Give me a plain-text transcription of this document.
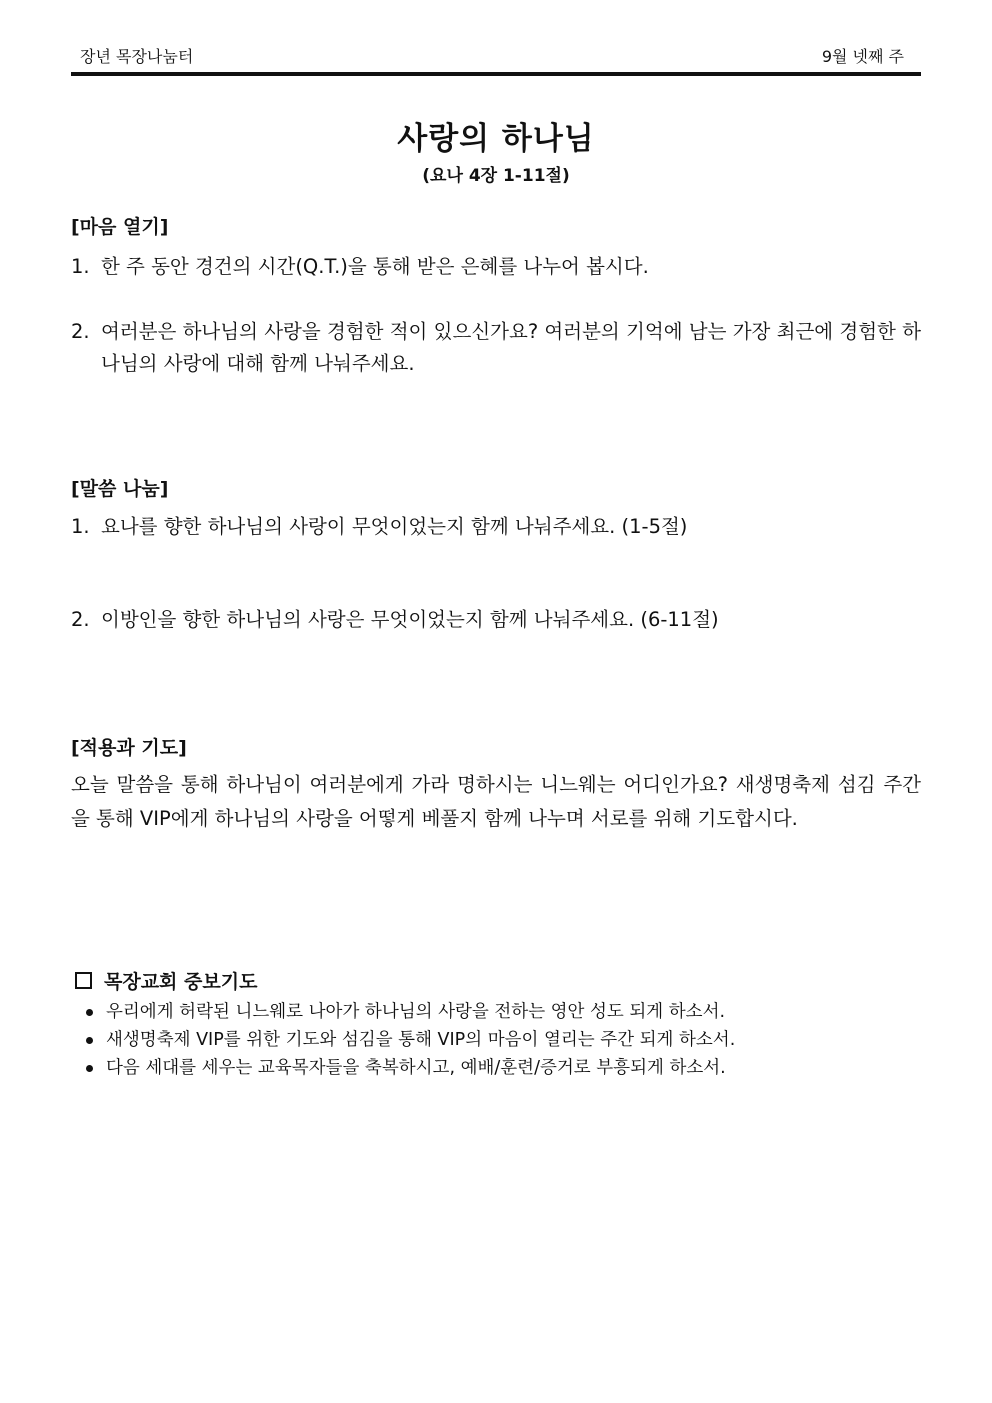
장년 목장나눔터	9월 넷째 주
사랑의 하나님
(요나 4장 1-11절)
[마음 열기]
1. 한 주 동안 경건의 시간(Q.T.)을 통해 받은 은혜를 나누어 봅시다.
2. 여러분은 하나님의 사랑을 경험한 적이 있으신가요? 여러분의 기억에 남는 가장 최근에 경험한 하나님의 사랑에 대해 함께 나눠주세요.
[말씀 나눔]
1. 요나를 향한 하나님의 사랑이 무엇이었는지 함께 나눠주세요. (1-5절)
2. 이방인을 향한 하나님의 사랑은 무엇이었는지 함께 나눠주세요. (6-11절)
[적용과 기도]
오늘 말씀을 통해 하나님이 여러분에게 가라 명하시는 니느웨는 어디인가요? 새생명축제 섬김 주간을 통해 VIP에게 하나님의 사랑을 어떻게 베풀지 함께 나누며 서로를 위해 기도합시다.
목장교회 중보기도
우리에게 허락된 니느웨로 나아가 하나님의 사랑을 전하는 영안 성도 되게 하소서.
새생명축제 VIP를 위한 기도와 섬김을 통해 VIP의 마음이 열리는 주간 되게 하소서.
다음 세대를 세우는 교육목자들을 축복하시고, 예배/훈련/증거로 부흥되게 하소서.
